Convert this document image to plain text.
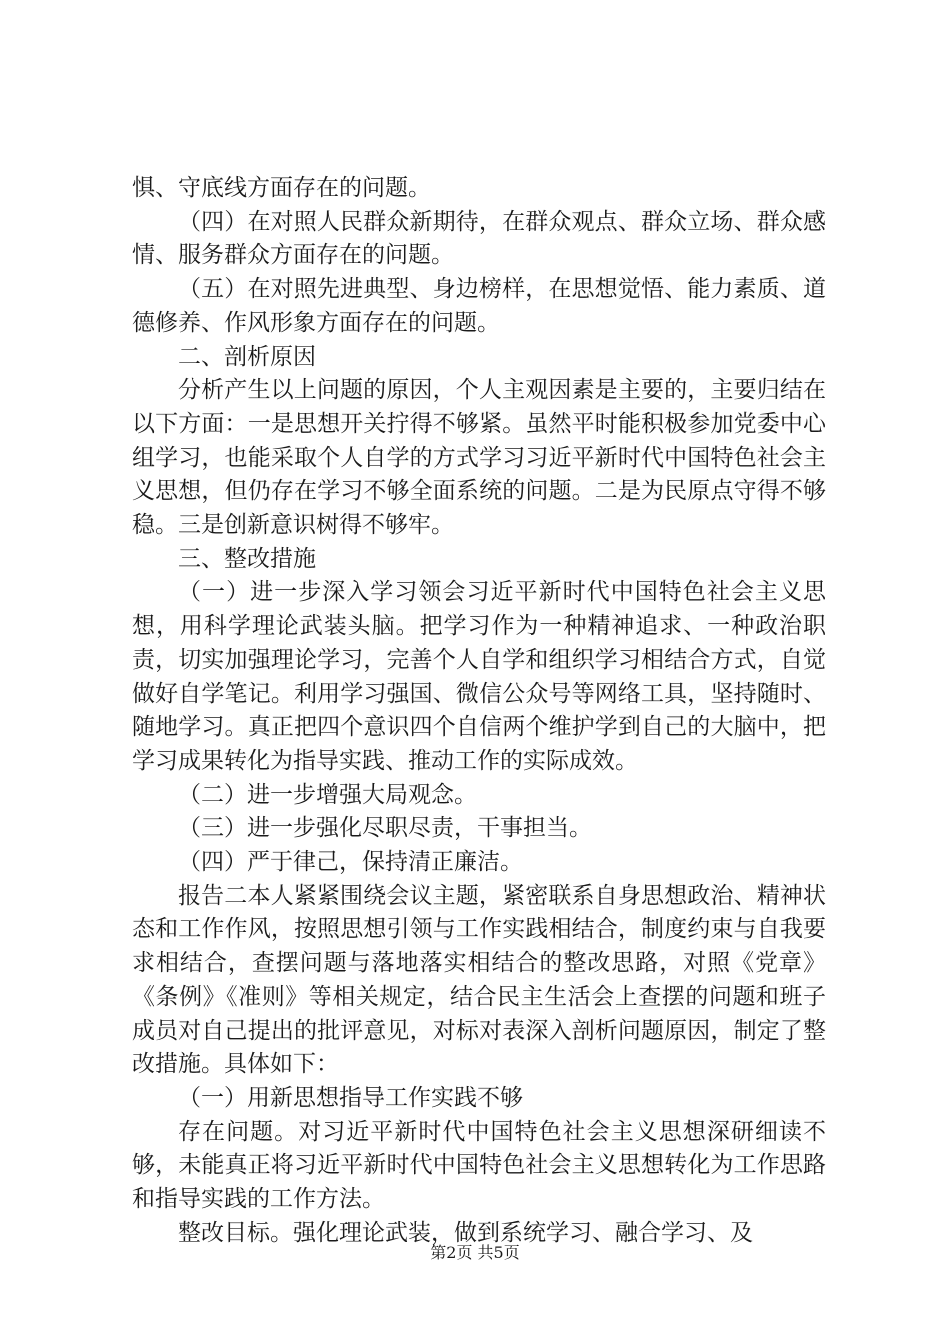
惧、守底线方面存在的问题。

（四）在对照人民群众新期待，在群众观点、群众立场、群众感情、服务群众方面存在的问题。

（五）在对照先进典型、身边榜样，在思想觉悟、能力素质、道德修养、作风形象方面存在的问题。

二、剖析原因

分析产生以上问题的原因，个人主观因素是主要的，主要归结在以下方面：一是思想开关拧得不够紧。虽然平时能积极参加党委中心组学习，也能采取个人自学的方式学习习近平新时代中国特色社会主义思想，但仍存在学习不够全面系统的问题。二是为民原点守得不够稳。三是创新意识树得不够牢。

三、整改措施

（一）进一步深入学习领会习近平新时代中国特色社会主义思想，用科学理论武装头脑。把学习作为一种精神追求、一种政治职责，切实加强理论学习，完善个人自学和组织学习相结合方式，自觉做好自学笔记。利用学习强国、微信公众号等网络工具，坚持随时、随地学习。真正把四个意识四个自信两个维护学到自己的大脑中，把学习成果转化为指导实践、推动工作的实际成效。

（二）进一步增强大局观念。

（三）进一步强化尽职尽责，干事担当。

（四）严于律己，保持清正廉洁。

报告二本人紧紧围绕会议主题，紧密联系自身思想政治、精神状态和工作作风，按照思想引领与工作实践相结合，制度约束与自我要求相结合，查摆问题与落地落实相结合的整改思路，对照《党章》《条例》《准则》等相关规定，结合民主生活会上查摆的问题和班子成员对自己提出的批评意见，对标对表深入剖析问题原因，制定了整改措施。具体如下：

（一）用新思想指导工作实践不够

存在问题。对习近平新时代中国特色社会主义思想深研细读不够，未能真正将习近平新时代中国特色社会主义思想转化为工作思路和指导实践的工作方法。

整改目标。强化理论武装，做到系统学习、融合学习、及

第2页 共5页
